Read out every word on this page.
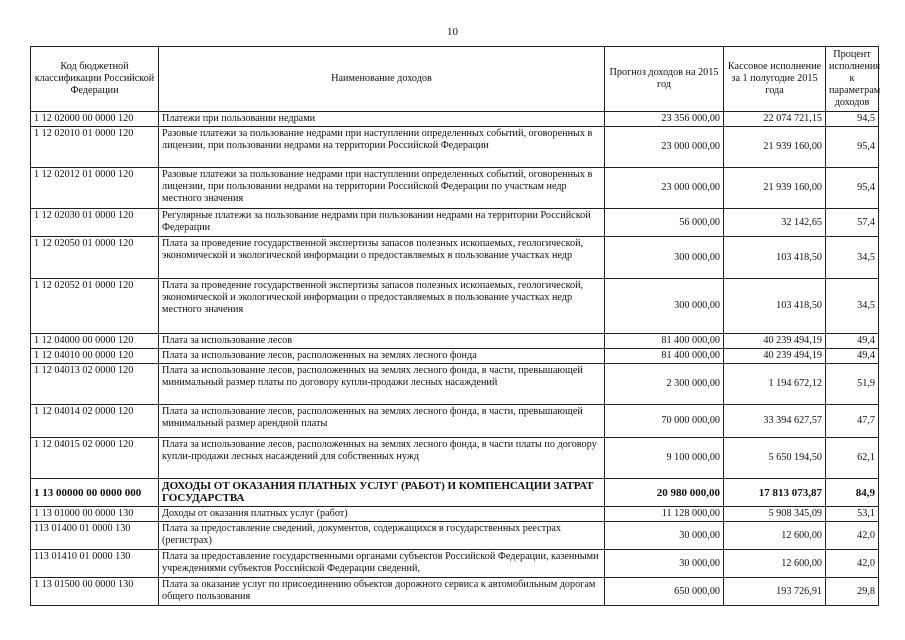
10
Код бюджетной классификации Российской Федерации	Наименование доходов	Прогноз доходов на 2015 год	Кассовое исполнение за 1 полугодие 2015 года	Процент исполнения к параметрам доходов
1 12 02000 00 0000 120	Платежи при пользовании недрами	23 356 000,00	22 074 721,15	94,5
1 12 02010 01 0000 120	Разовые платежи за пользование недрами при наступлении определенных событий, оговоренных в лицензии, при пользовании недрами на территории Российской Федерации	23 000 000,00	21 939 160,00	95,4
1 12 02012 01 0000 120	Разовые платежи за пользование недрами при наступлении определенных событий, оговоренных в лицензии, при пользовании недрами на территории Российской Федерации по участкам недр местного значения	23 000 000,00	21 939 160,00	95,4
1 12 02030 01 0000 120	Регулярные платежи за пользование недрами при пользовании недрами на территории Российской Федерации	56 000,00	32 142,65	57,4
1 12 02050 01 0000 120	Плата за проведение государственной экспертизы запасов полезных ископаемых, геологической, экономической и экологической информации о предоставляемых в пользование участках недр	300 000,00	103 418,50	34,5
1 12 02052 01 0000 120	Плата за проведение государственной экспертизы запасов полезных ископаемых, геологической, экономической и экологической информации о предоставляемых в пользование участках недр местного значения	300 000,00	103 418,50	34,5
1 12 04000 00 0000 120	Плата за использование лесов	81 400 000,00	40 239 494,19	49,4
1 12 04010 00 0000 120	Плата за использование лесов, расположенных на землях лесного фонда	81 400 000,00	40 239 494,19	49,4
1 12 04013 02 0000 120	Плата за использование лесов, расположенных на землях лесного фонда, в части, превышающей минимальный размер платы по договору купли-продажи лесных насаждений	2 300 000,00	1 194 672,12	51,9
1 12 04014 02 0000 120	Плата за использование лесов, расположенных на землях лесного фонда, в части, превышающей минимальный размер арендной платы	70 000 000,00	33 394 627,57	47,7
1 12 04015 02 0000 120	Плата за использование лесов, расположенных на землях лесного фонда, в части платы по договору купли-продажи лесных насаждений для собственных нужд	9 100 000,00	5 650 194,50	62,1
1 13 00000 00 0000 000	ДОХОДЫ ОТ ОКАЗАНИЯ ПЛАТНЫХ УСЛУГ (РАБОТ) И КОМПЕНСАЦИИ ЗАТРАТ ГОСУДАРСТВА	20 980 000,00	17 813 073,87	84,9
1 13 01000 00 0000 130	Доходы от оказания платных услуг (работ)	11 128 000,00	5 908 345,09	53,1
113 01400 01 0000 130	Плата за предоставление сведений, документов, содержащихся в государственных реестрах (регистрах)	30 000,00	12 600,00	42,0
113 01410 01 0000 130	Плата за предоставление государственными органами субъектов Российской Федерации, казенными учреждениями субъектов Российской Федерации сведений,	30 000,00	12 600,00	42,0
1 13 01500 00 0000 130	Плата за оказание услуг по присоединению объектов дорожного сервиса к автомобильным дорогам общего пользования	650 000,00	193 726,91	29,8
